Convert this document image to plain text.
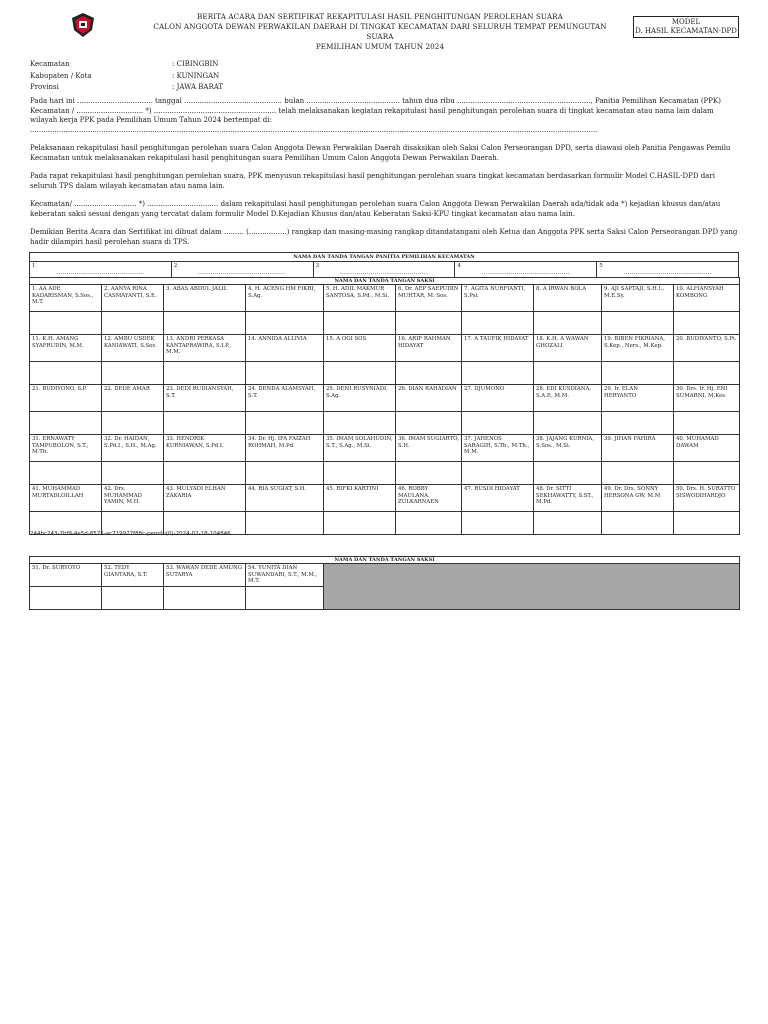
BERITA ACARA DAN SERTIFIKAT REKAPITULASI HASIL PENGHITUNGAN PEROLEHAN SUARA
CALON ANGGOTA DEWAN PERWAKILAN DAERAH DI TINGKAT KECAMATAN DARI SELURUH TEMPAT PEMUNGUTAN SUARA
PEMILIHAN UMUM TAHUN 2024
MODEL
D. HASIL KECAMATAN-DPD
Kecamatan	: CIBINGBIN
Kabupaten / Kota	: KUNINGAN
Provinsi	: JAWA BARAT

Pada hari ini .................................. tanggal ............................................ bulan .......................................... tahun dua ribu ............................................................, Panitia Pemilihan Kecamatan (PPK) Kecamatan / .............................. *) ....................................................... telah melaksanakan kegiatan rekapitulasi hasil penghitungan perolehan suara di tingkat kecamatan atau nama lain dalam wilayah kerja PPK pada Pemilihan Umum Tahun 2024 bertempat di: ...............................................................................................................................................................................................................................................................

Pelaksanaan rekapitulasi hasil penghitungan perolehan suara Calon Anggota Dewan Perwakilan Daerah disaksikan oleh Saksi Calon Perseorangan DPD, serta diawasi oleh Panitia Pengawas Pemilu Kecamatan untuk melaksanakan rekapitulasi hasil penghitungan suara Pemilihan Umum Calon Anggota Dewan Perwakilan Daerah.

Pada rapat rekapitulasi hasil penghitungan perolehan suara, PPK menyusun rekapitulasi hasil penghitungan perolehan suara tingkat kecamatan berdasarkan formulir Model C.HASIL-DPD dari seluruh TPS dalam wilayah kecamatan atau nama lain.

Kecamatan/ ............................ *) ................................ dalam rekapitulasi hasil penghitungan perolehan suara Calon Anggota Dewan Perwakilan Daerah ada/tidak ada *) kejadian khusus dan/atau keberatan saksi sesuai dengan yang tercatat dalam formulir Model D.Kejadian Khusus dan/atau Keberatan Saksi-KPU tingkat kecamatan atau nama lain.

Demikian Berita Acara dan Sertifikat ini dibuat dalam ......... (.................) rangkap dan masing-masing rangkap ditandatangani oleh Ketua dan Anggota PPK serta Saksi Calon Perseorangan DPD yang hadir dilampiri hasil perolehan suara di TPS.

NAMA DAN TANDA TANGAN PANITIA PEMILIHAN KECAMATAN
1
...........................................
	2
...........................................
	3
...........................................
	4
...........................................
	5
...........................................
NAMA DAN TANDA TANGAN SAKSI									
1. AA ADE KADARISMAN, S.Sos., M.T.	2. AANYA RINA CASMAYANTI, S.E.	3. ABAS ABDUL JALIL	4. H. ACENG HM FIKRI, S.Ag.	5. H. ADIL MAKMUR SANTOSA, S.Pd., M.Si.	6. Dr. AEP SAEPUDIN MUHTAR, M. Sos.	7. AGITA NURFIANTI, S.Psi.	8. A IRWAN BOLA	9. AJI SAPTAJI, S.H.I., M.E.Sy.	10. ALFIANSYAH KOMBONG

11. K.H. AMANG SYAFRUDIN, M.M.	12. AMBU USDEK KANIAWATI, S.Sos.	13. ANDRI PERKASA KANTAPRAWIRA, S.I.P., M.M.	14. ANNIDA ALLIVIA	15. A OGI SOS	16. ARIF RAHMAN HIDAYAT	17. A TAUFIK HIDAYAT	18. K.H. A WAWAN GHOZALI	19. BIBEN FIKRIANA, S.Kep., Ners., M.Kep.	20. BUDIYANTO, S.Pi.

21. BUDIYONO, S.P.	22. DEDE AMAR	23. DEDI RUDIANSYAH, S.T.	24. DENDA ALAMSYAH, S.T.	25. DENI RUSYNIADI, S.Ag.	26. DIAN RAHADIAN	27. DJUMONO	28. EDI KUSDIANA, S.A.P., M.M.	29. Ir. ELAN HERYANTO	30. Drs. Ir. Hj. ENI SUMARNI, M.Kes.

31. ERNAWATY TAMPUBOLON, S.T., M.Th.	32. Dr. HAIDAN, S.Pd.I., S.H., M.Ag.	33. HENDRIK KURNIAWAN, S.Pd.I.	34. Dr. Hj. IFA FAIZAH ROHMAH, M.Pd.	35. IMAM SOLAHUDIN, S.T., S.Ag., M.Si.	36. IMAM SUGIARTO, S.H.	37. JAHENOS SARAGIH, S.Th., M.Th., M.M.	38. JAJANG KURNIA, S.Sos., M.Si.	39. JIHAN FAHIRA	40. MUHAMAD DAWAM

41. MUHAMMAD MURTADLOILLAH	42. Drs. MUHAMMAD YAMIN, M.H.	43. MULYADI ELHAN ZAKARIA	44. RIA SUGIAT, S.H.	45. RIFKI KARTINI	46. ROBBY MAULANA ZULKARNAEN	47. RUSDI HIDAYAT	48. Dr. SITTI SEKHAWATTY, S.ST., M.Pd.	49. Dr. Drs. SONNY HERSONA GW, M.M	50. Drs. H. SURATTO SISWODIHARDJO

244bc243-7bf9-4e5d-8575-ac719927f88c-pemilu(0)-2024-02-18-104846
NAMA DAN TANDA TANGAN SAKSI				
51. Dr. SURYOYO	52. TEDY GIANTARA, S.T.	53. WAWAN DEDE AMUNG SUTARYA	54. YUNITA DIAN SUWANDARI, S.T., M.M., M.T.	
